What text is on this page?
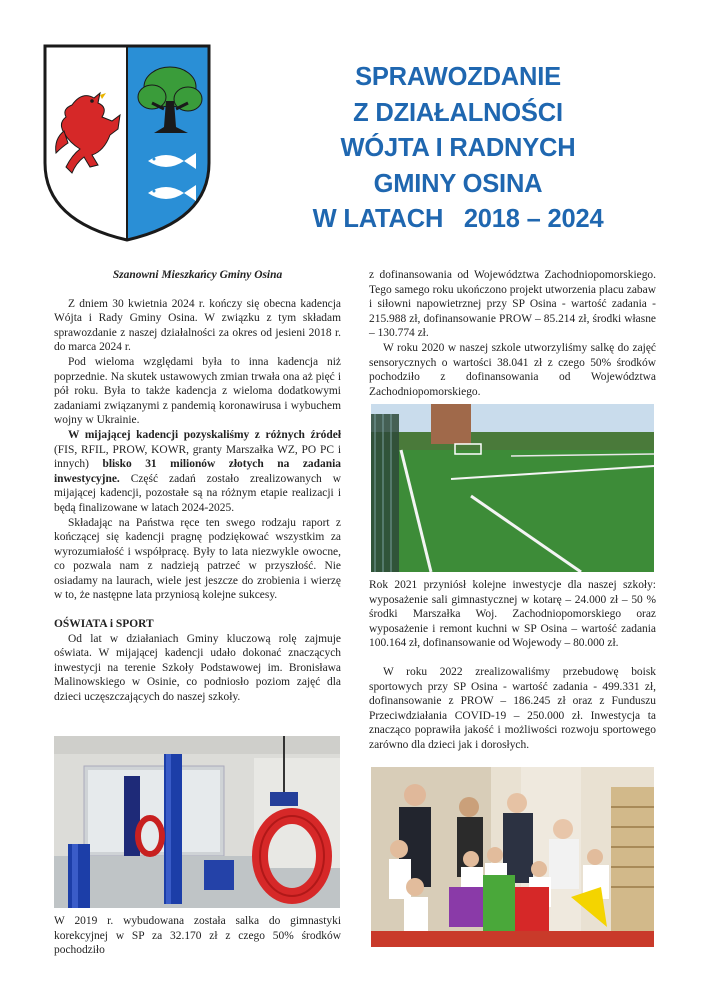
SPRAWOZDANIE
Z DZIAŁALNOŚCI
WÓJTA I RADNYCH
GMINY OSINA
W LATACH   2018 – 2024

Szanowni Mieszkańcy Gminy Osina

Z dniem 30 kwietnia 2024 r. kończy się obecna kadencja Wójta i Rady Gminy Osina. W związku z tym składam sprawozdanie z naszej działalności za okres od jesieni 2018 r. do marca 2024 r.

Pod wieloma względami była to inna kadencja niż poprzednie. Na skutek ustawowych zmian trwała ona aż pięć i pół roku. Była to także kadencja z wieloma dodatkowymi zadaniami związanymi z pandemią koronawirusa i wybuchem wojny w Ukrainie.

W mijającej kadencji pozyskaliśmy z różnych źródeł (FIS, RFIL, PROW, KOWR, granty Marszałka WZ, PO PC i innych) blisko 31 milionów złotych na zadania inwestycyjne. Część zadań zostało zrealizowanych w mijającej kadencji, pozostałe są na różnym etapie realizacji i będą finalizowane w latach 2024-2025.

Składając na Państwa ręce ten swego rodzaju raport z kończącej się kadencji pragnę podziękować wszystkim za wyrozumiałość i współpracę. Były to lata niezwykle owocne, co pozwala nam z nadzieją patrzeć w przyszłość. Nie osiadamy na laurach, wiele jest jeszcze do zrobienia i wierzę w to, że następne lata przyniosą kolejne sukcesy.

OŚWIATA i SPORT

Od lat w działaniach Gminy kluczową rolę zajmuje oświata. W mijającej kadencji udało dokonać znaczących inwestycji na terenie Szkoły Podstawowej im. Bronisława Malinowskiego w Osinie, co podniosło poziom zajęć dla dzieci uczęszczających do naszej szkoły.

W 2019 r. wybudowana została salka do gimnastyki korekcyjnej w SP za 32.170 zł z czego 50% środków pochodziło

z dofinansowania od Województwa Zachodniopomorskiego. Tego samego roku ukończono projekt utworzenia placu zabaw i siłowni napowietrznej przy SP Osina - wartość zadania - 215.988 zł, dofinansowanie PROW – 85.214 zł, środki własne – 130.774 zł.

W roku 2020 w naszej szkole utworzyliśmy salkę do zajęć sensorycznych o wartości 38.041 zł z czego 50% środków pochodziło z dofinansowania od Województwa Zachodniopomorskiego.

Rok 2021 przyniósł kolejne inwestycje dla naszej szkoły: wyposażenie sali gimnastycznej w kotarę – 24.000 zł – 50 % środki Marszałka Woj. Zachodniopomorskiego oraz wyposażenie i remont kuchni w SP Osina – wartość zadania 100.164 zł, dofinansowanie od Wojewody – 80.000 zł.

W roku 2022 zrealizowaliśmy przebudowę boisk sportowych przy SP Osina - wartość zadania - 499.331 zł, dofinansowanie z PROW – 186.245 zł oraz z Funduszu Przeciwdziałania COVID-19 – 250.000 zł. Inwestycja ta znacząco poprawiła jakość i możliwości rozwoju sportowego zarówno dla dzieci jak i dorosłych.
